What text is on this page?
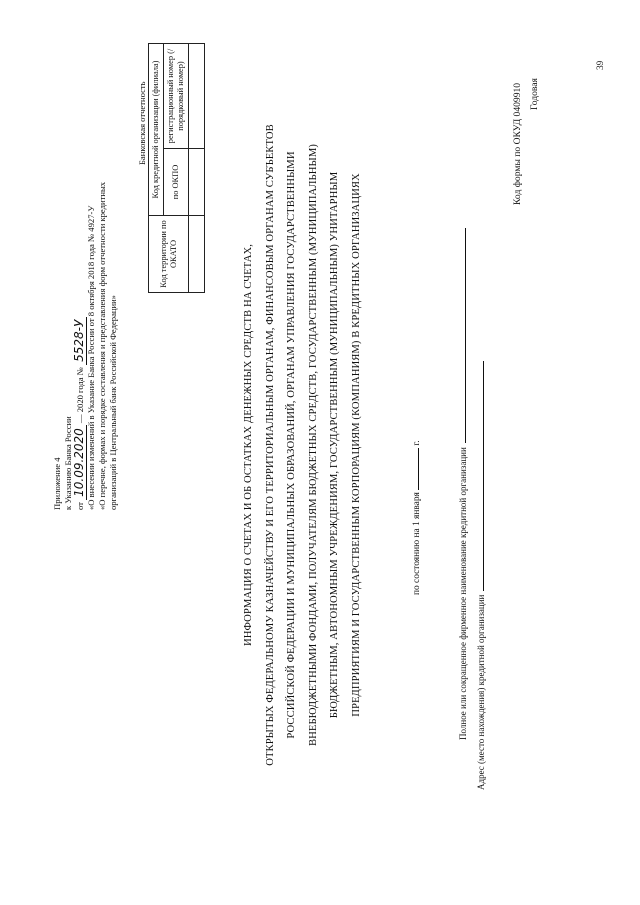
Приложение 4 к Указанию Банка России от 10.09.2020 — 2020 года № 5528-У «О внесении изменений в Указание Банка России от 8 октября 2018 года № 4927-У «О перечне, формах и порядке составления и представления форм отчетности кредитных организаций в Центральный банк Российской Федерации»
Банковская отчетность
Код территории по ОКАТО	Код кредитной организации (филиала)	
	по ОКПО	регистрационный номер (/порядковый номер)

ИНФОРМАЦИЯ О СЧЕТАХ И ОБ ОСТАТКАХ ДЕНЕЖНЫХ СРЕДСТВ НА СЧЕТАХ, ОТКРЫТЫХ ФЕДЕРАЛЬНОМУ КАЗНАЧЕЙСТВУ И ЕГО ТЕРРИТОРИАЛЬНЫМ ОРГАНАМ, ФИНАНСОВЫМ ОРГАНАМ СУБЪЕКТОВ РОССИЙСКОЙ ФЕДЕРАЦИИ И МУНИЦИПАЛЬНЫХ ОБРАЗОВАНИЙ, ОРГАНАМ УПРАВЛЕНИЯ ГОСУДАРСТВЕННЫМИ ВНЕБЮДЖЕТНЫМИ ФОНДАМИ, ПОЛУЧАТЕЛЯМ БЮДЖЕТНЫХ СРЕДСТВ, ГОСУДАРСТВЕННЫМ (МУНИЦИПАЛЬНЫМ) БЮДЖЕТНЫМ, АВТОНОМНЫМ УЧРЕЖДЕНИЯМ, ГОСУДАРСТВЕННЫМ (МУНИЦИПАЛЬНЫМ) УНИТАРНЫМ ПРЕДПРИЯТИЯМ И ГОСУДАРСТВЕННЫМ КОРПОРАЦИЯМ (КОМПАНИЯМ) В КРЕДИТНЫХ ОРГАНИЗАЦИЯХ	по состоянию на 1 января  г.
Полное или сокращенное фирменное наименование кредитной организации Адрес (место нахождения) кредитной организации
Код формы по ОКУД 0409910 Годовая
39
